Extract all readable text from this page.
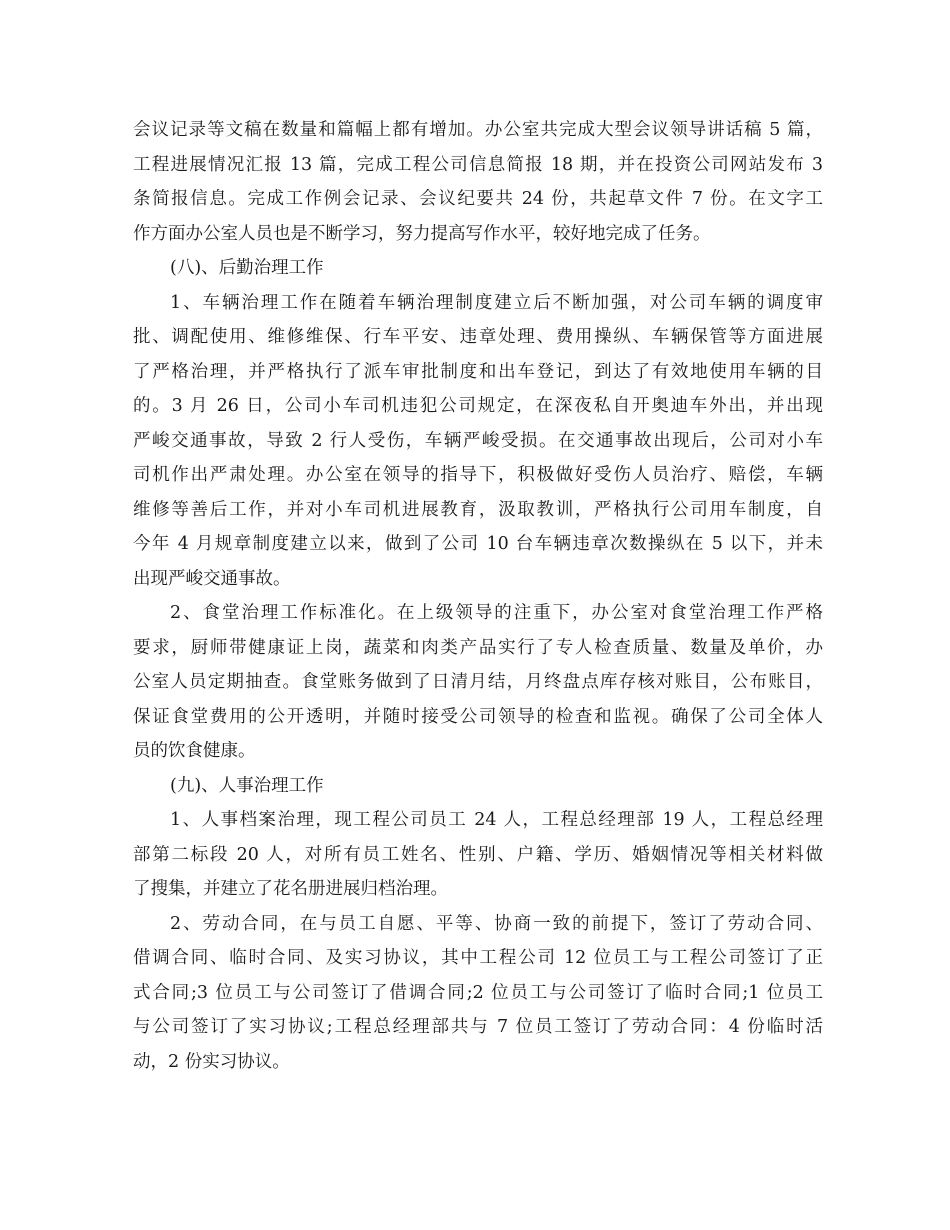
会议记录等文稿在数量和篇幅上都有增加。办公室共完成大型会议领导讲话稿 5 篇，
工程进展情况汇报 13 篇，完成工程公司信息简报 18 期，并在投资公司网站发布 3
条简报信息。完成工作例会记录、会议纪要共 24 份，共起草文件 7 份。在文字工
作方面办公室人员也是不断学习，努力提高写作水平，较好地完成了任务。
(八)、后勤治理工作
1、车辆治理工作在随着车辆治理制度建立后不断加强，对公司车辆的调度审
批、调配使用、维修维保、行车平安、违章处理、费用操纵、车辆保管等方面进展
了严格治理，并严格执行了派车审批制度和出车登记，到达了有效地使用车辆的目
的。3 月 26 日，公司小车司机违犯公司规定，在深夜私自开奥迪车外出，并出现
严峻交通事故，导致 2 行人受伤，车辆严峻受损。在交通事故出现后，公司对小车
司机作出严肃处理。办公室在领导的指导下，积极做好受伤人员治疗、赔偿，车辆
维修等善后工作，并对小车司机进展教育，汲取教训，严格执行公司用车制度，自
今年 4 月规章制度建立以来，做到了公司 10 台车辆违章次数操纵在 5 以下，并未
出现严峻交通事故。
2、食堂治理工作标准化。在上级领导的注重下，办公室对食堂治理工作严格
要求，厨师带健康证上岗，蔬菜和肉类产品实行了专人检查质量、数量及单价，办
公室人员定期抽查。食堂账务做到了日清月结，月终盘点库存核对账目，公布账目，
保证食堂费用的公开透明，并随时接受公司领导的检查和监视。确保了公司全体人
员的饮食健康。
(九)、人事治理工作
1、人事档案治理，现工程公司员工 24 人，工程总经理部 19 人，工程总经理
部第二标段 20 人，对所有员工姓名、性别、户籍、学历、婚姻情况等相关材料做
了搜集，并建立了花名册进展归档治理。
2、劳动合同，在与员工自愿、平等、协商一致的前提下，签订了劳动合同、
借调合同、临时合同、及实习协议，其中工程公司 12 位员工与工程公司签订了正
式合同;3 位员工与公司签订了借调合同;2 位员工与公司签订了临时合同;1 位员工
与公司签订了实习协议;工程总经理部共与 7 位员工签订了劳动合同：4 份临时活
动，2 份实习协议。
